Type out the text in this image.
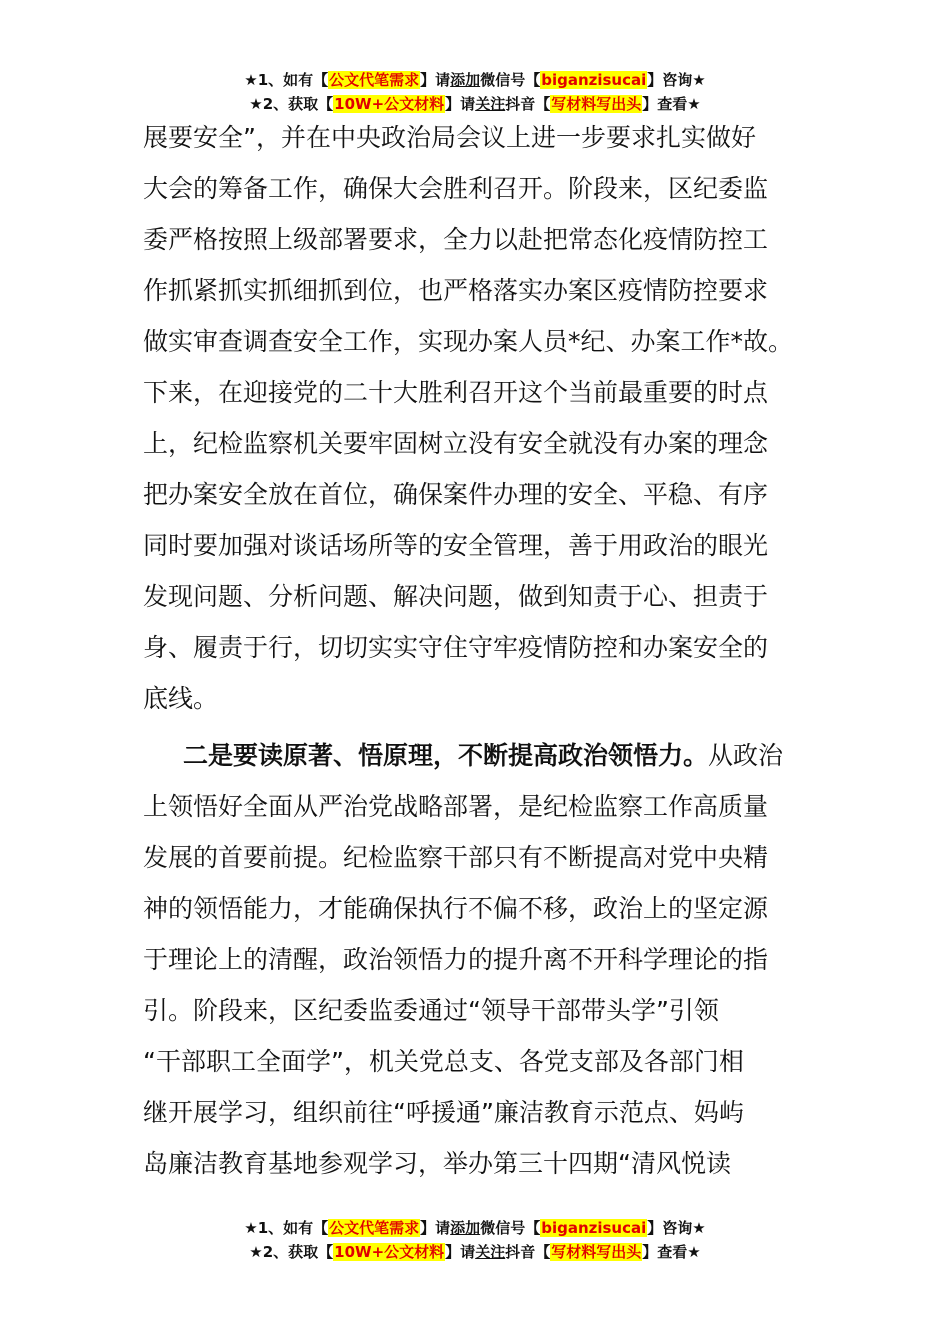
★1、如有【公文代笔需求】请添加微信号【biganzisucai】咨询★
★2、获取【10W+公文材料】请关注抖音【写材料写出头】查看★
展要安全”，并在中央政治局会议上进一步要求扎实做好
大会的筹备工作，确保大会胜利召开。阶段来，区纪委监
委严格按照上级部署要求，全力以赴把常态化疫情防控工
作抓紧抓实抓细抓到位，也严格落实办案区疫情防控要求
做实审查调查安全工作，实现办案人员*纪、办案工作*故。
下来，在迎接党的二十大胜利召开这个当前最重要的时点
上，纪检监察机关要牢固树立没有安全就没有办案的理念
把办案安全放在首位，确保案件办理的安全、平稳、有序
同时要加强对谈话场所等的安全管理，善于用政治的眼光
发现问题、分析问题、解决问题，做到知责于心、担责于
身、履责于行，切切实实守住守牢疫情防控和办案安全的
底线。
二是要读原著、悟原理，不断提高政治领悟力。从政治
上领悟好全面从严治党战略部署，是纪检监察工作高质量
发展的首要前提。纪检监察干部只有不断提高对党中央精
神的领悟能力，才能确保执行不偏不移，政治上的坚定源
于理论上的清醒，政治领悟力的提升离不开科学理论的指
引。阶段来，区纪委监委通过“领导干部带头学”引领
“干部职工全面学”，机关党总支、各党支部及各部门相
继开展学习，组织前往“呼援通”廉洁教育示范点、妈屿
岛廉洁教育基地参观学习，举办第三十四期“清风悦读
★1、如有【公文代笔需求】请添加微信号【biganzisucai】咨询★
★2、获取【10W+公文材料】请关注抖音【写材料写出头】查看★
